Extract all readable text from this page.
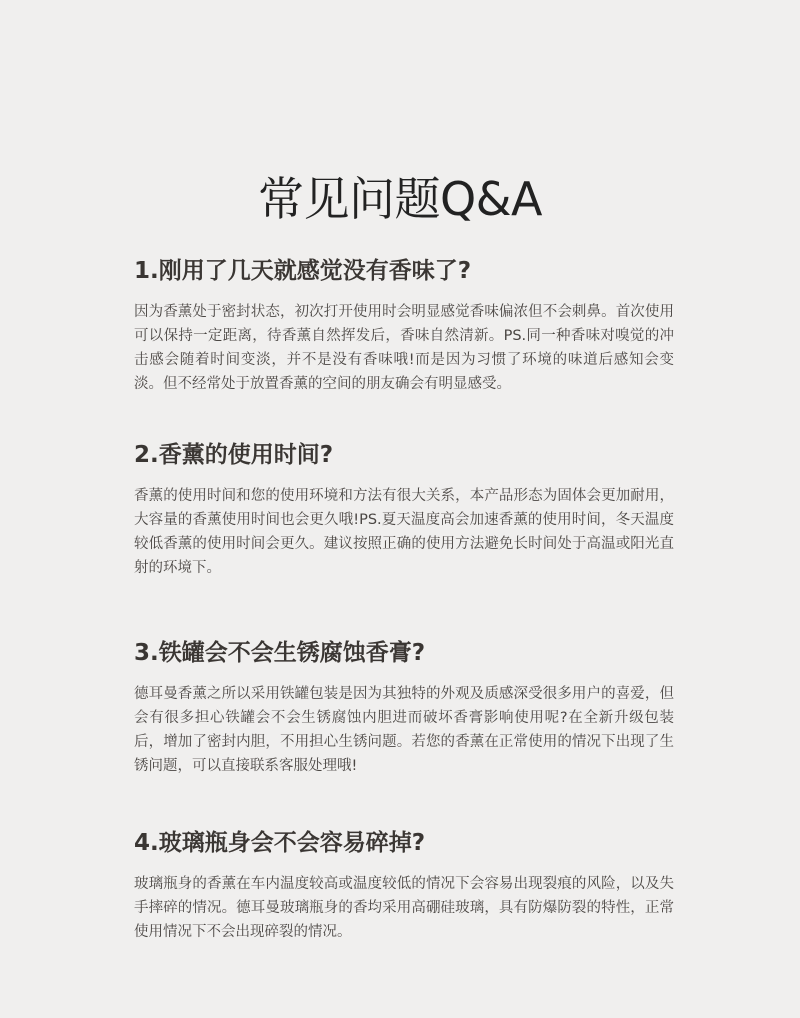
常见问题Q&A
1.刚用了几天就感觉没有香味了?

因为香薰处于密封状态，初次打开使用时会明显感觉香味偏浓但不会刺鼻。首次使用可以保持一定距离，待香薰自然挥发后，香味自然清新。PS.同一种香味对嗅觉的冲击感会随着时间变淡，并不是没有香味哦!而是因为习惯了环境的味道后感知会变淡。但不经常处于放置香薰的空间的朋友确会有明显感受。

2.香薰的使用时间?

香薰的使用时间和您的使用环境和方法有很大关系，本产品形态为固体会更加耐用，大容量的香薰使用时间也会更久哦!PS.夏天温度高会加速香薰的使用时间，冬天温度较低香薰的使用时间会更久。建议按照正确的使用方法避免长时间处于高温或阳光直射的环境下。

3.铁罐会不会生锈腐蚀香膏?

德耳曼香薰之所以采用铁罐包装是因为其独特的外观及质感深受很多用户的喜爱，但会有很多担心铁罐会不会生锈腐蚀内胆进而破坏香膏影响使用呢?在全新升级包装后，增加了密封内胆，不用担心生锈问题。若您的香薰在正常使用的情况下出现了生锈问题，可以直接联系客服处理哦!

4.玻璃瓶身会不会容易碎掉?

玻璃瓶身的香薰在车内温度较高或温度较低的情况下会容易出现裂痕的风险，以及失手摔碎的情况。德耳曼玻璃瓶身的香均采用高硼硅玻璃，具有防爆防裂的特性，正常使用情况下不会出现碎裂的情况。
